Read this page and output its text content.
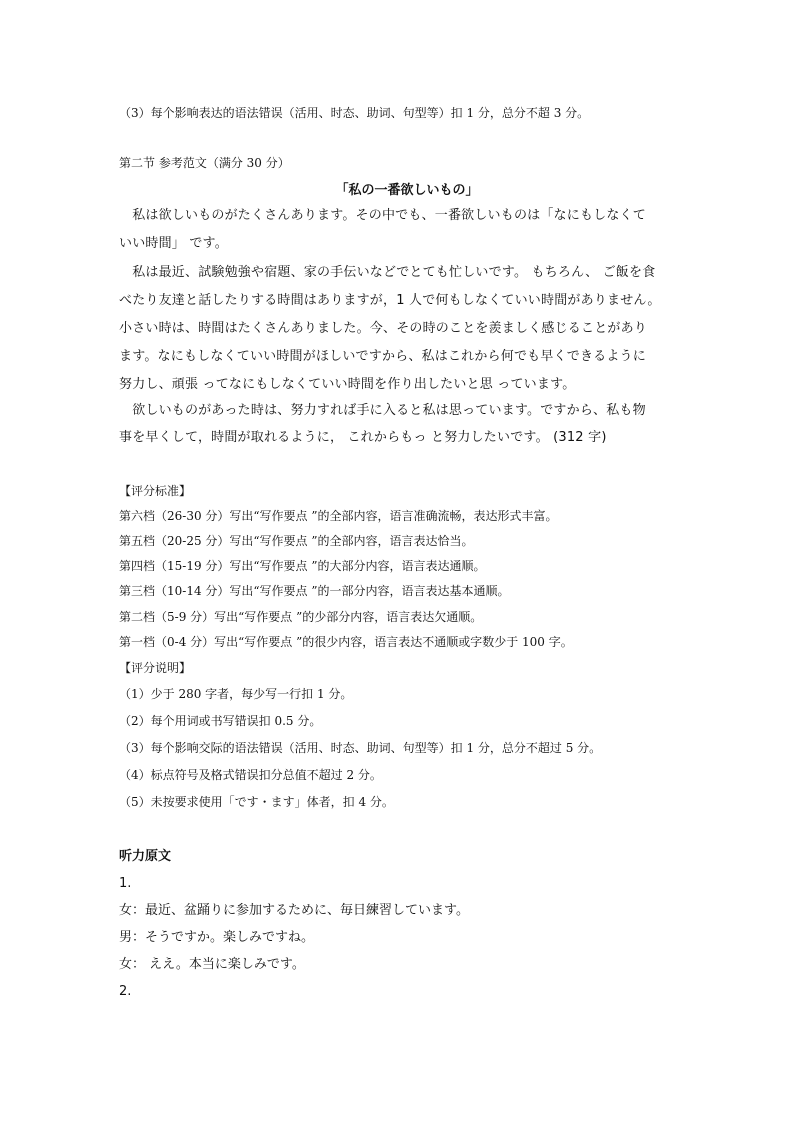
（3）每个影响表达的语法错误（活用、时态、助词、句型等）扣 1 分，总分不超 3 分。
第二节 参考范文（满分 30 分）
「私の一番欲しいもの」
　私は欲しいものがたくさんあります。その中でも、一番欲しいものは「なにもしなくて
いい時間」 です。
　私は最近、試験勉強や宿題、家の手伝いなどでとても忙しいです。 もちろん、 ご飯を食
べたり友達と話したりする時間はありますが，1 人で何もしなくていい時間がありません。
小さい時は、時間はたくさんありました。今、その時のことを羨ましく感じることがあり
ます。なにもしなくていい時間がほしいですから、私はこれから何でも早くできるように
努力し、頑張 ってなにもしなくていい時間を作り出したいと思 っています。
　欲しいものがあった時は、努力すれば手に入ると私は思っています。ですから、私も物
事を早くして，時間が取れるように， これからもっ と努力したいです。 (312 字)
【评分标准】
第六档（26-30 分）写出“写作要点 ”的全部内容，语言准确流畅，表达形式丰富。
第五档（20-25 分）写出“写作要点 ”的全部内容，语言表达恰当。
第四档（15-19 分）写出“写作要点 ”的大部分内容，语言表达通顺。
第三档（10-14 分）写出“写作要点 ”的一部分内容，语言表达基本通顺。
第二档（5-9 分）写出“写作要点 ”的少部分内容，语言表达欠通顺。
第一档（0-4 分）写出“写作要点 ”的很少内容，语言表达不通顺或字数少于 100 字。
【评分说明】
（1）少于 280 字者，每少写一行扣 1 分。
（2）每个用词或书写错误扣 0.5 分。
（3）每个影响交际的语法错误（活用、时态、助词、句型等）扣 1 分，总分不超过 5 分。
（4）标点符号及格式错误扣分总值不超过 2 分。
（5）未按要求使用「です・ます」体者，扣 4 分。
听力原文
1.
女：最近、盆踊りに参加するために、毎日練習しています。
男：そうですか。楽しみですね。
女： ええ。本当に楽しみです。
2.
